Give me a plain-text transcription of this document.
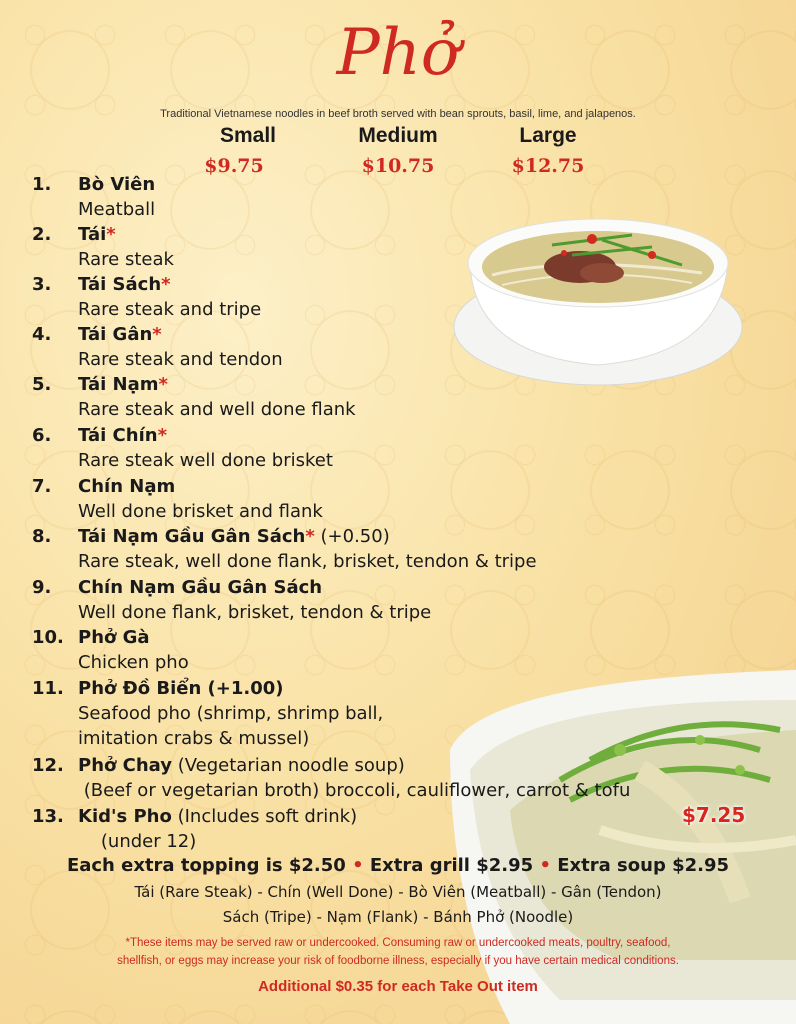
Phở
Traditional Vietnamese noodles in beef broth served with bean sprouts, basil, lime, and jalapenos.
Small	Medium	Large
$9.75	$10.75	$12.75
1. Bò Viên
Meatball
2. Tái*
Rare steak
3. Tái Sách*
Rare steak and tripe
4. Tái Gân*
Rare steak and tendon
5. Tái Nạm*
Rare steak and well done flank
6. Tái Chín*
Rare steak well done brisket
7. Chín Nạm
Well done brisket and flank
8. Tái Nạm Gầu Gân Sách* (+0.50)
Rare steak, well done flank, brisket, tendon & tripe
9. Chín Nạm Gầu Gân Sách
Well done flank, brisket, tendon & tripe
10. Phở Gà
Chicken pho
11. Phở Đồ Biển (+1.00)
Seafood pho (shrimp, shrimp ball,
imitation crabs & mussel)
12. Phở Chay (Vegetarian noodle soup)
(Beef or vegetarian broth) broccoli, cauliflower, carrot & tofu
13. Kid's Pho (Includes soft drink)
(under 12)
$7.25
Each extra topping is $2.50 • Extra grill $2.95 • Extra soup $2.95
Tái (Rare Steak) - Chín (Well Done) - Bò Viên (Meatball) - Gân (Tendon)
Sách (Tripe) - Nạm (Flank) - Bánh Phở (Noodle)
*These items may be served raw or undercooked. Consuming raw or undercooked meats, poultry, seafood,
shellfish, or eggs may increase your risk of foodborne illness, especially if you have certain medical conditions.
Additional $0.35 for each Take Out item
